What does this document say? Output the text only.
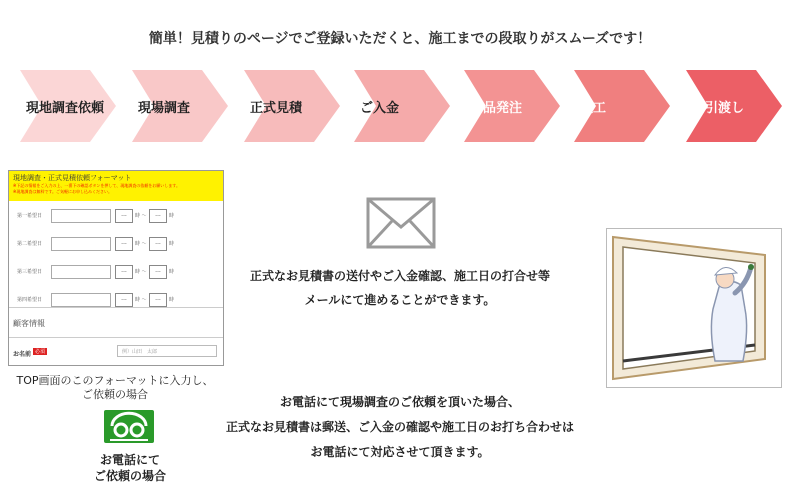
簡単！見積りのページでご登録いただくと、施工までの段取りがスムーズです！
現地調査依頼	現場調査	正式見積	ご入金	商品発注	施工	お引渡し
現地調査・正式見積依頼フォーマット
※下記の情報をご入力の上、一番下の確認ボタンを押して、現地調査の依頼をお願いします。
※現地調査は無料です。ご気軽にお申し込みください。
第一希望日	---	時 〜	---	時
第二希望日	---	時 〜	---	時
第三希望日	---	時 〜	---	時
第四希望日	---	時 〜	---	時
顧客情報
お名前 必須	例）山田　太郎
TOP画面のこのフォーマットに入力し、
ご依頼の場合
お電話にて
ご依頼の場合
正式なお見積書の送付やご入金確認、施工日の打合せ等
メールにて進めることができます。
お電話にて現場調査のご依頼を頂いた場合、
正式なお見積書は郵送、ご入金の確認や施工日のお打ち合わせは
お電話にて対応させて頂きます。
